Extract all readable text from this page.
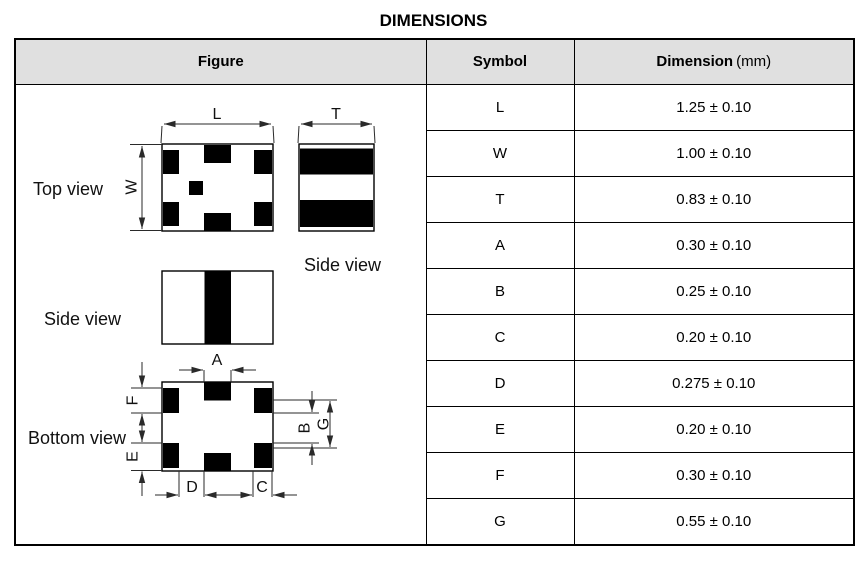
DIMENSIONS
Figure	Symbol	Dimension (mm)

Top view
L
W
T
Side view
Side view
Bottom view
A
F
E
B G
D	C
	L	1.25 ± 0.10
	W	1.00 ± 0.10
	T	0.83 ± 0.10
	A	0.30 ± 0.10
	B	0.25 ± 0.10
	C	0.20 ± 0.10
	D	0.275 ± 0.10
	E	0.20 ± 0.10
	F	0.30 ± 0.10
	G	0.55 ± 0.10
